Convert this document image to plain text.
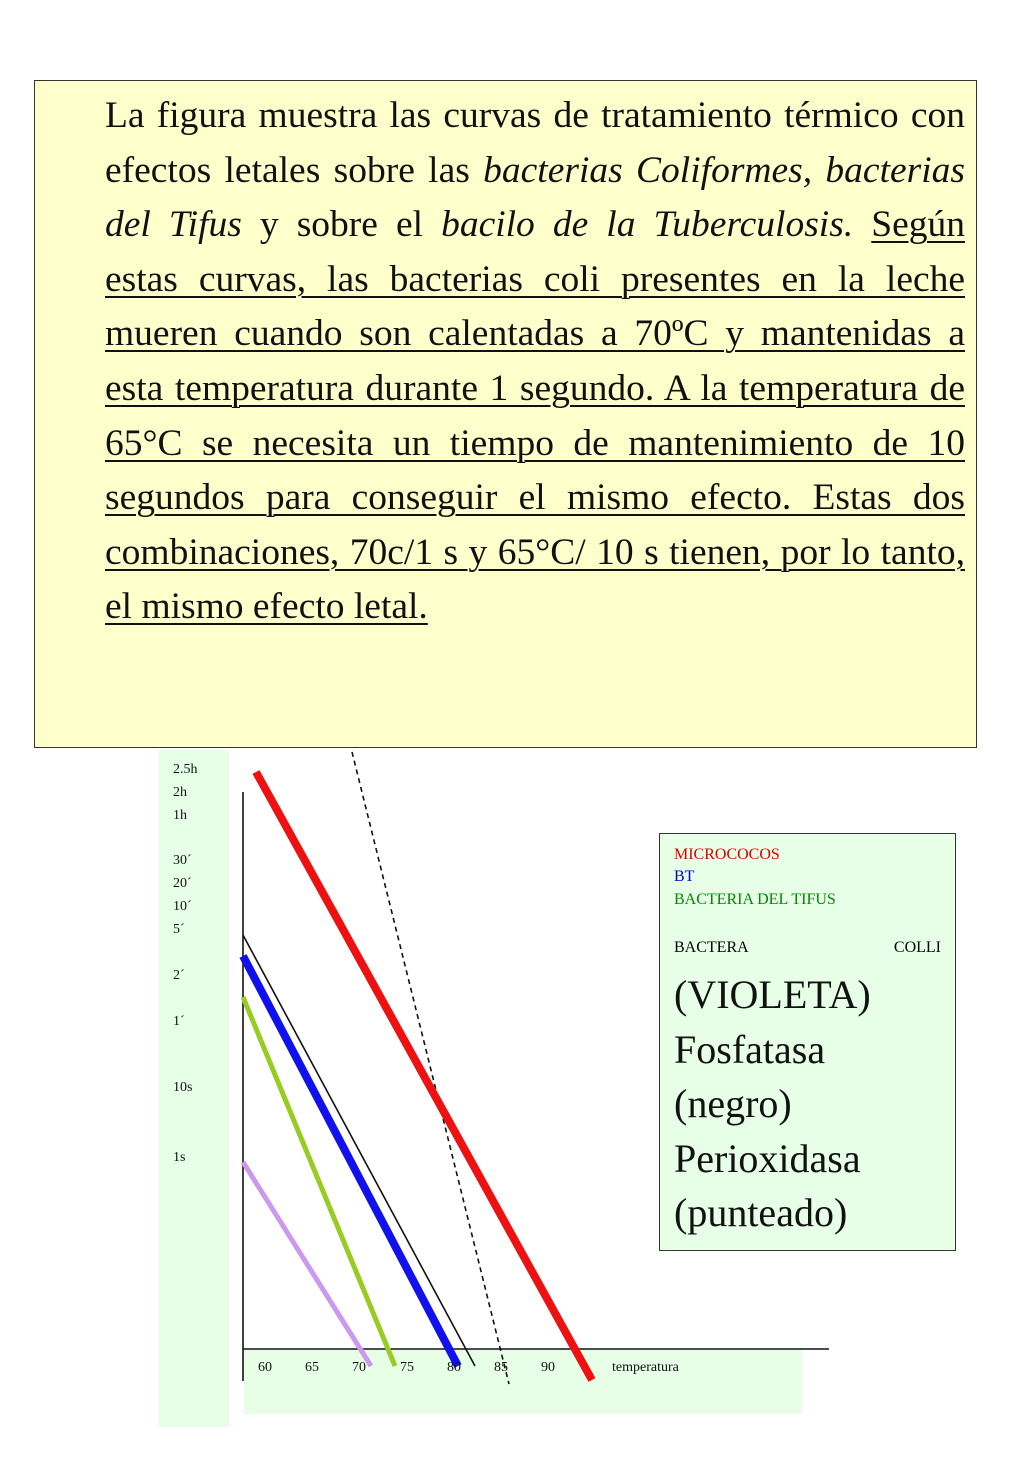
La figura muestra las curvas de tratamiento térmico con efectos letales sobre las bacterias Coliformes, bacterias del Tifus y sobre el bacilo de la Tuberculosis. Según estas curvas, las bacterias coli presentes en la leche mueren cuando son calentadas a 70ºC y mantenidas a esta temperatura durante 1 segundo. A la temperatura de 65°C se necesita un tiempo de mantenimiento de 10 segundos para conseguir el mismo efecto. Estas dos combinaciones, 70c/1 s y 65°C/ 10 s tienen, por lo tanto, el mismo efecto letal.
2.5h
2h
1h
30´
20´
10´
5´
2´
1´
10s
1s
60 65 70 75 80 85 90	temperatura
MICROCOCOS
BT
BACTERIA DEL TIFUS
BACTERA	COLLI
(VIOLETA)
Fosfatasa
(negro)
Perioxidasa
(punteado)
